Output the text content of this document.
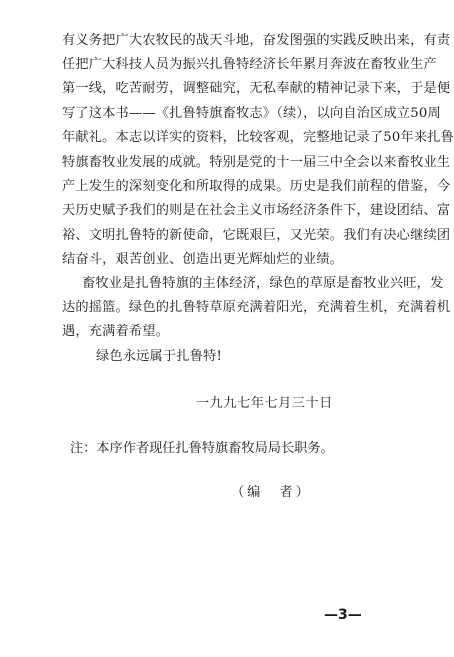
有义务把广大农牧民的战天斗地，奋发图强的实践反映出来，有责
任把广大科技人员为振兴扎鲁特经济长年累月奔波在畜牧业生产
第一线，吃苦耐劳，调整础究，无私奉献的精神记录下来，于是便
写了这本书——《扎鲁特旗畜牧志》（续），以向自治区成立50周
年献礼。本志以详实的资料，比较客观，完整地记录了50年来扎鲁
特旗畜牧业发展的成就。特别是党的十一届三中全会以来畜牧业生
产上发生的深刻变化和所取得的成果。历史是我们前程的借鉴，今
天历史赋予我们的则是在社会主义市场经济条件下，建设团结、富
裕、文明扎鲁特的新使命，它既艰巨，又光荣。我们有决心继续团
结奋斗，艰苦创业、创造出更光辉灿烂的业绩。
畜牧业是扎鲁特旗的主体经济，绿色的草原是畜牧业兴旺，发
达的摇篮。绿色的扎鲁特草原充满着阳光，充满着生机，充满着机
遇，充满着希望。
绿色永远属于扎鲁特!
一九九七年七月三十日
注：本序作者现任扎鲁特旗畜牧局局长职务。
（编　者）
—3—
